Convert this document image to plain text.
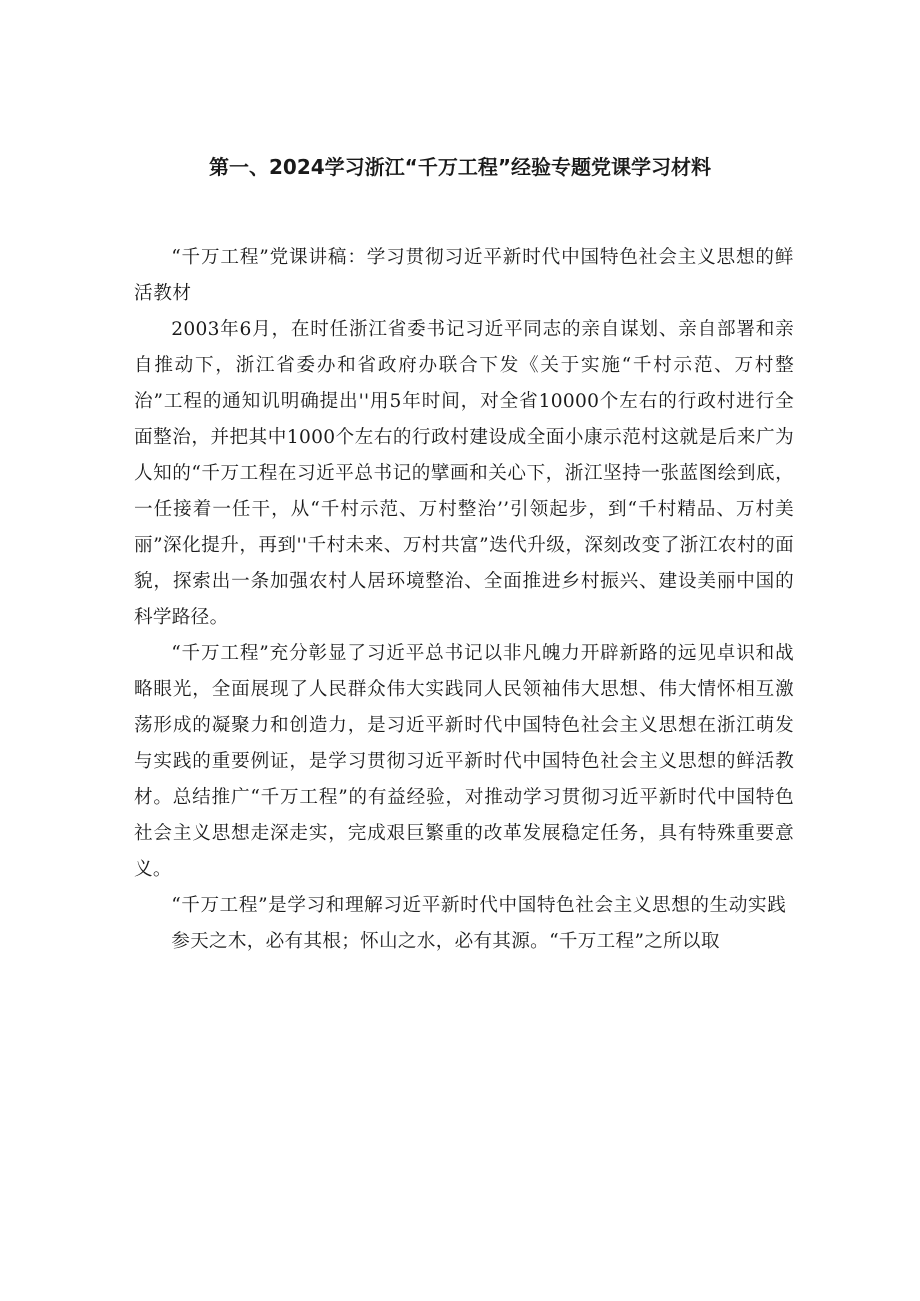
第一、2024学习浙江“千万工程”经验专题党课学习材料

“千万工程”党课讲稿：学习贯彻习近平新时代中国特色社会主义思想的鲜活教材

2003年6月，在时任浙江省委书记习近平同志的亲自谋划、亲自部署和亲自推动下，浙江省委办和省政府办联合下发《关于实施“千村示范、万村整治”工程的通知讥明确提出''用5年时间，对全省10000个左右的行政村进行全面整治，并把其中1000个左右的行政村建设成全面小康示范村这就是后来广为人知的“千万工程在习近平总书记的擘画和关心下，浙江坚持一张蓝图绘到底，一任接着一任干，从“千村示范、万村整治’’引领起步，到“千村精品、万村美丽”深化提升，再到''千村未来、万村共富”迭代升级，深刻改变了浙江农村的面貌，探索出一条加强农村人居环境整治、全面推进乡村振兴、建设美丽中国的科学路径。

“千万工程”充分彰显了习近平总书记以非凡魄力开辟新路的远见卓识和战略眼光，全面展现了人民群众伟大实践同人民领袖伟大思想、伟大情怀相互激荡形成的凝聚力和创造力，是习近平新时代中国特色社会主义思想在浙江萌发与实践的重要例证，是学习贯彻习近平新时代中国特色社会主义思想的鲜活教材。总结推广“千万工程”的有益经验，对推动学习贯彻习近平新时代中国特色社会主义思想走深走实，完成艰巨繁重的改革发展稳定任务，具有特殊重要意义。

“千万工程”是学习和理解习近平新时代中国特色社会主义思想的生动实践

参天之木，必有其根；怀山之水，必有其源。“千万工程”之所以取
